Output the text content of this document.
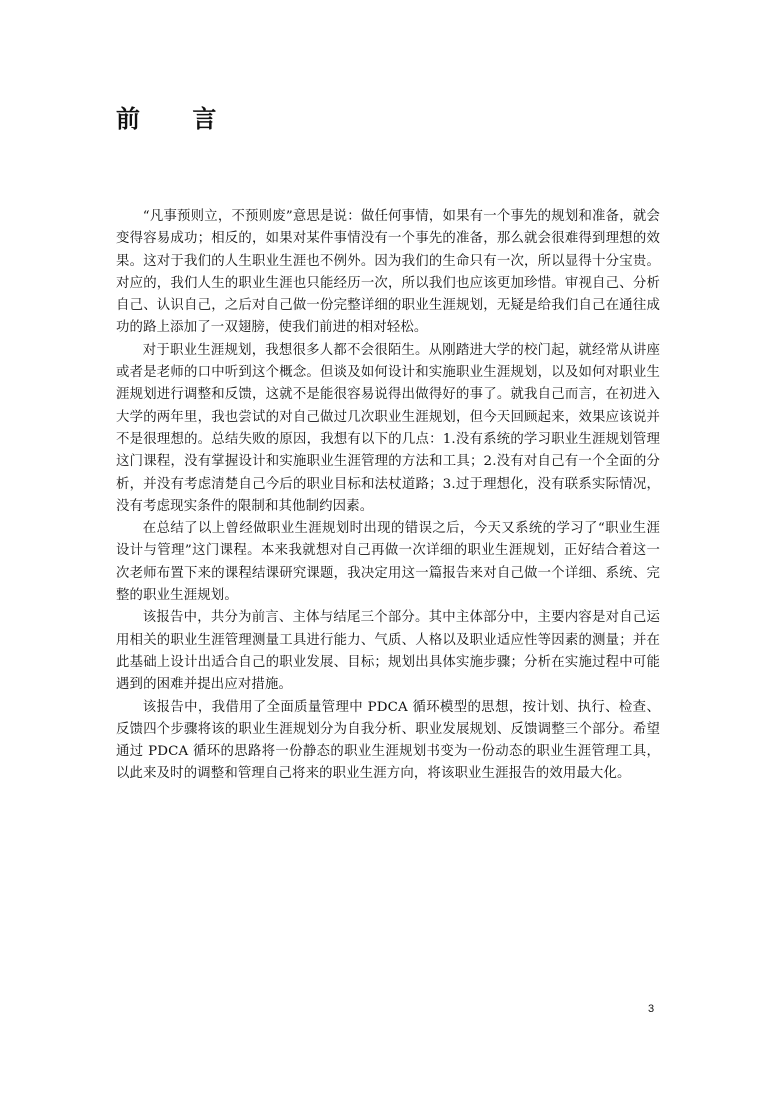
前 言

“凡事预则立，不预则废”意思是说：做任何事情，如果有一个事先的规划和准备，就会变得容易成功；相反的，如果对某件事情没有一个事先的准备，那么就会很难得到理想的效果。这对于我们的人生职业生涯也不例外。因为我们的生命只有一次，所以显得十分宝贵。对应的，我们人生的职业生涯也只能经历一次，所以我们也应该更加珍惜。审视自己、分析自己、认识自己，之后对自己做一份完整详细的职业生涯规划，无疑是给我们自己在通往成功的路上添加了一双翅膀，使我们前进的相对轻松。

对于职业生涯规划，我想很多人都不会很陌生。从刚踏进大学的校门起，就经常从讲座或者是老师的口中听到这个概念。但谈及如何设计和实施职业生涯规划，以及如何对职业生涯规划进行调整和反馈，这就不是能很容易说得出做得好的事了。就我自己而言，在初进入大学的两年里，我也尝试的对自己做过几次职业生涯规划，但今天回顾起来，效果应该说并不是很理想的。总结失败的原因，我想有以下的几点：1.没有系统的学习职业生涯规划管理这门课程，没有掌握设计和实施职业生涯管理的方法和工具；2.没有对自己有一个全面的分析，并没有考虑清楚自己今后的职业目标和法杖道路；3.过于理想化，没有联系实际情况，没有考虑现实条件的限制和其他制约因素。

在总结了以上曾经做职业生涯规划时出现的错误之后，今天又系统的学习了“职业生涯设计与管理”这门课程。本来我就想对自己再做一次详细的职业生涯规划，正好结合着这一次老师布置下来的课程结课研究课题，我决定用这一篇报告来对自己做一个详细、系统、完整的职业生涯规划。

该报告中，共分为前言、主体与结尾三个部分。其中主体部分中，主要内容是对自己运用相关的职业生涯管理测量工具进行能力、气质、人格以及职业适应性等因素的测量；并在此基础上设计出适合自己的职业发展、目标；规划出具体实施步骤；分析在实施过程中可能遇到的困难并提出应对措施。

该报告中，我借用了全面质量管理中 PDCA 循环模型的思想，按计划、执行、检查、反馈四个步骤将该的职业生涯规划分为自我分析、职业发展规划、反馈调整三个部分。希望通过 PDCA 循环的思路将一份静态的职业生涯规划书变为一份动态的职业生涯管理工具，以此来及时的调整和管理自己将来的职业生涯方向，将该职业生涯报告的效用最大化。

3
